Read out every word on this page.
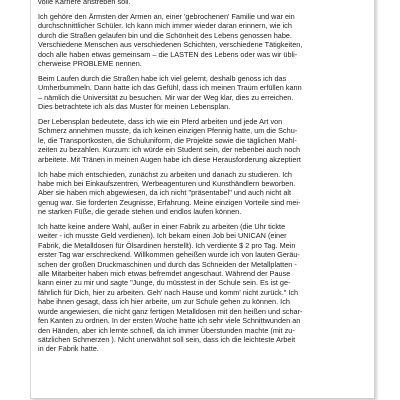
volle Karriere anstreben soll.

Ich gehöre den Ärmsten der Armen an, einer 'gebrochenen' Familie und war ein
durchschnittlicher Schüler. Ich kann mich immer wieder daran erinnern, wie ich
durch die Straßen gelaufen bin und die Schönheit des Lebens genossen habe.
Verschiedene Menschen aus verschiedenen Schichten, verschiedene Tätigkeiten,
doch alle haben etwas gemeinsam – die LASTEN des Lebens oder was wir übli-
cherweise PROBLEME nennen.

Beim Laufen durch die Straßen habe ich viel gelernt, deshalb genoss ich das
Umherbummeln. Dann hatte ich das Gefühl, dass ich meinen Traum erfüllen kann
– nämlich die Universität zu besuchen. Mir war der Weg klar, dies zu erreichen.
Dies betrachtete ich als das Muster für meinen Lebensplan.

Der Lebensplan bedeutete, dass ich wie ein Pferd arbeiten und jede Art von
Schmerz annehmen musste, da ich keinen einzigen Pfennig hatte, um die Schu-
le, die Transportkosten, die Schuluniform, die Projekte sowie die täglichen Mahl-
zeiten zu bezahlen. Kurzum: ich würde ein Student sein, der nebenbei auch noch
arbeitete. Mit Tränen in meinen Augen habe ich diese Herausforderung akzeptiert

Ich habe mich entschieden, zunächst zu arbeiten und danach zu studieren. Ich
habe mich bei Einkaufszentren, Werbeagenturen und Kunsthändlern beworben.
Aber sie haben mich abgewiesen, da ich nicht "präsentabel" und auch nicht alt
genug war. Sie forderten Zeugnisse, Erfahrung. Meine einzigen Vorteile sind mei-
ne starken Füße, die gerade stehen und endlos laufen können.

Ich hatte keine andere Wahl, außer in einer Fabrik zu arbeiten (die Uhr tickte
weiter - ich musste Geld verdienen). Ich bekam einen Job bei UNICAN (einer
Fabrik, die Metalldosen für Ölsardinen herstellt). Ich verdiente $ 2 pro Tag. Mein
erster Tag war erschreckend. Willkommen geheißen wurde ich von lauten Geräu-
schen der großen Druckmaschinen und durch das Schneiden der Metallplatten -
alle Mitarbeiter haben mich etwas befremdet angeschaut. Während der Pause
kann einer zu mir und sagte "Junge, du müsstest in der Schule sein. Es ist ge-
fährlich für Dich, hier zu arbeiten. Geh' nach Hause und komm' nicht zurück." Ich
habe ihnen gesagt, dass ich hier arbeite, um zur Schule gehen zu können. Ich
wurde angewiesen, die nicht ganz fertigen Metalldosen mit den heißen und schar-
fen Kanten zu ordnen. In der ersten Woche hatte ich sehr viele Schnittwunden an
den Händen, aber ich lernte schnell, da ich immer Überstunden machte (mit zu-
sätzlichen Schmerzen ). Nicht unerwähnt soll sein, dass ich die leichteste Arbeit
in der Fabrik hatte.
